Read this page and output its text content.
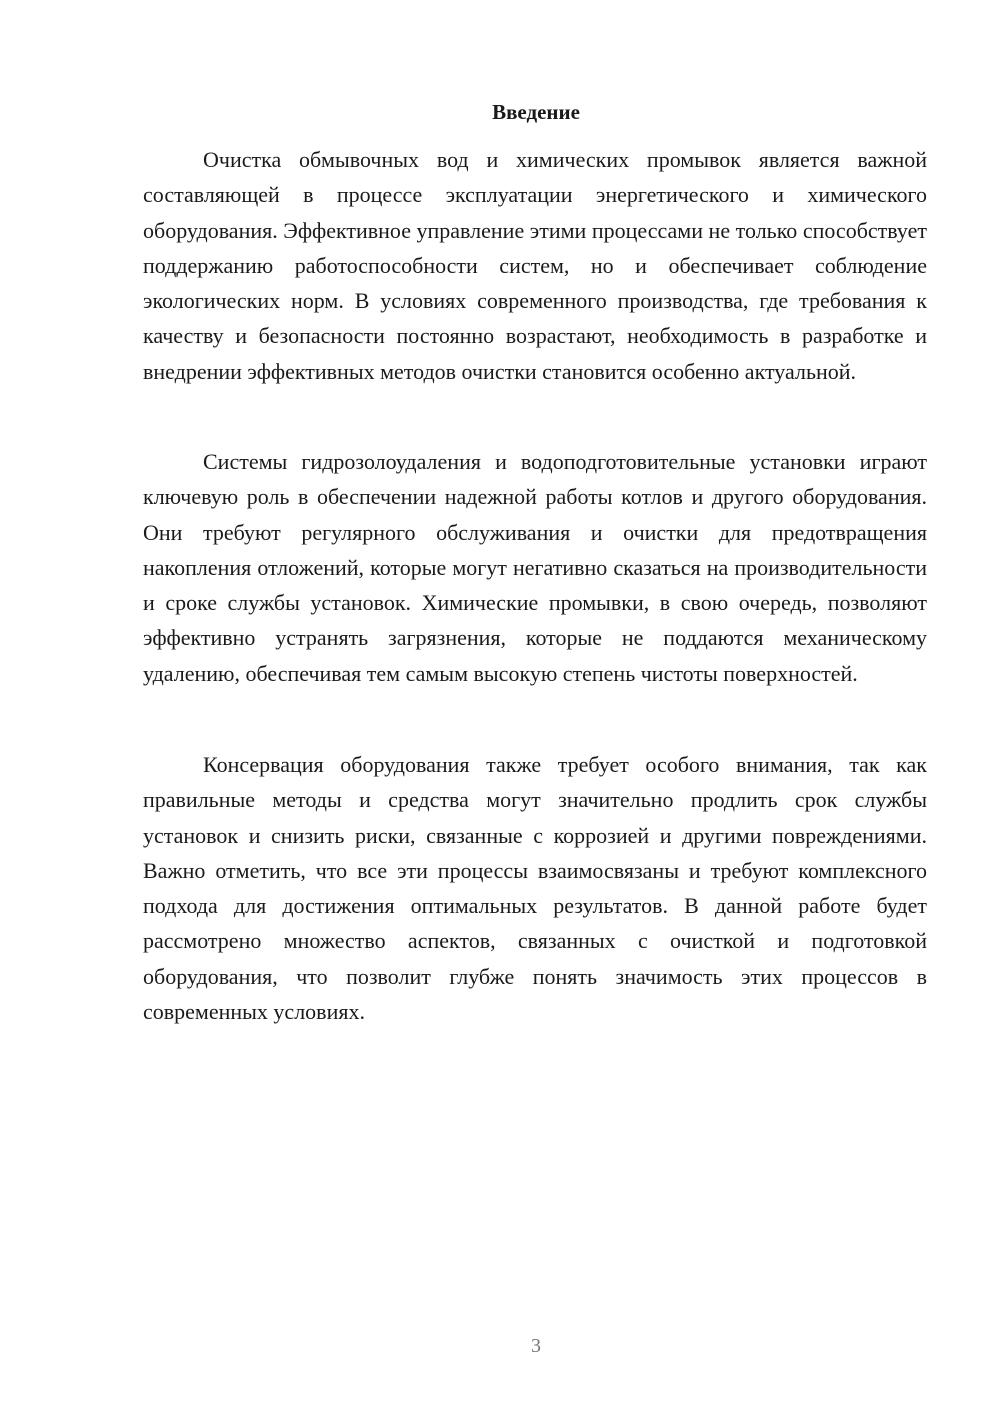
Введение

Очистка обмывочных вод и химических промывок является важной составляющей в процессе эксплуатации энергетического и химического оборудования. Эффективное управление этими процессами не только способствует поддержанию работоспособности систем, но и обеспечивает соблюдение экологических норм. В условиях современного производства, где требования к качеству и безопасности постоянно возрастают, необходимость в разработке и внедрении эффективных методов очистки становится особенно актуальной.

Системы гидрозолоудаления и водоподготовительные установки играют ключевую роль в обеспечении надежной работы котлов и другого оборудования. Они требуют регулярного обслуживания и очистки для предотвращения накопления отложений, которые могут негативно сказаться на производительности и сроке службы установок. Химические промывки, в свою очередь, позволяют эффективно устранять загрязнения, которые не поддаются механическому удалению, обеспечивая тем самым высокую степень чистоты поверхностей.

Консервация оборудования также требует особого внимания, так как правильные методы и средства могут значительно продлить срок службы установок и снизить риски, связанные с коррозией и другими повреждениями. Важно отметить, что все эти процессы взаимосвязаны и требуют комплексного подхода для достижения оптимальных результатов. В данной работе будет рассмотрено множество аспектов, связанных с очисткой и подготовкой оборудования, что позволит глубже понять значимость этих процессов в современных условиях.

3
